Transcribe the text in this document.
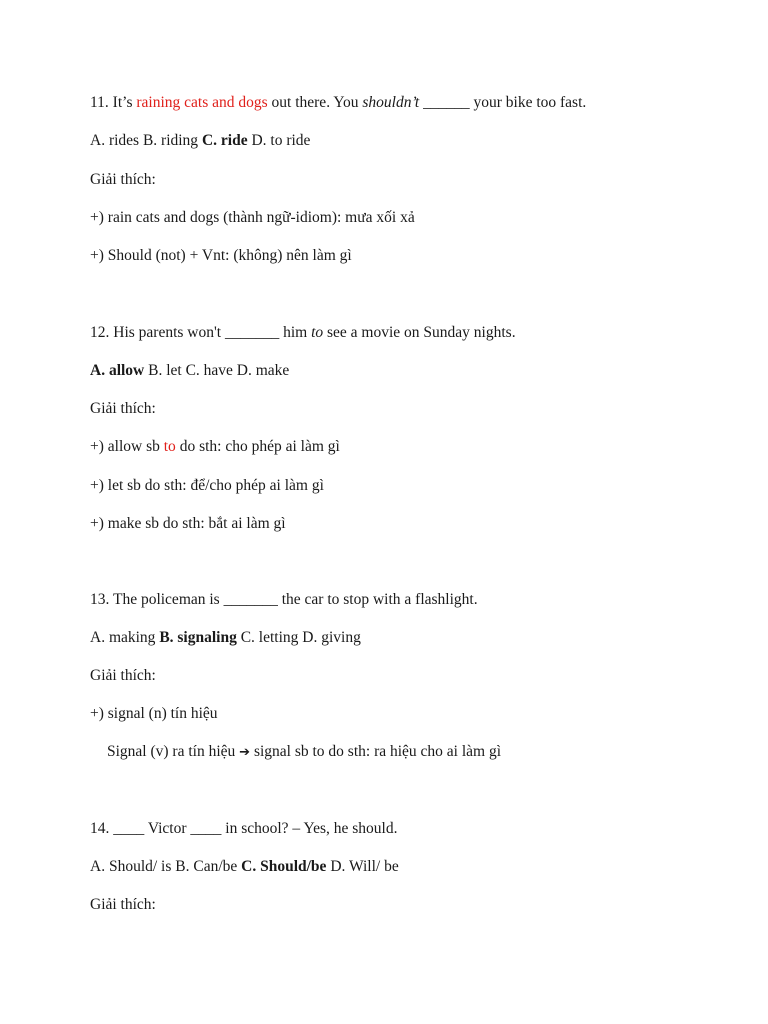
11. It’s raining cats and dogs out there. You shouldn’t ______ your bike too fast.
A. rides B. riding C. ride D. to ride
Giải thích:
+) rain cats and dogs (thành ngữ-idiom): mưa xối xả
+) Should (not) + Vnt: (không) nên làm gì
12. His parents won't _______ him to see a movie on Sunday nights.
A. allow B. let C. have D. make
Giải thích:
+) allow sb to do sth: cho phép ai làm gì
+) let sb do sth: để/cho phép ai làm gì
+) make sb do sth: bắt ai làm gì
13. The policeman is _______ the car to stop with a flashlight.
A. making B. signaling C. letting D. giving
Giải thích:
+) signal (n) tín hiệu
Signal (v) ra tín hiệu ➔ signal sb to do sth: ra hiệu cho ai làm gì
14. ____ Victor ____ in school? – Yes, he should.
A. Should/ is B. Can/be C. Should/be D. Will/ be
Giải thích:
